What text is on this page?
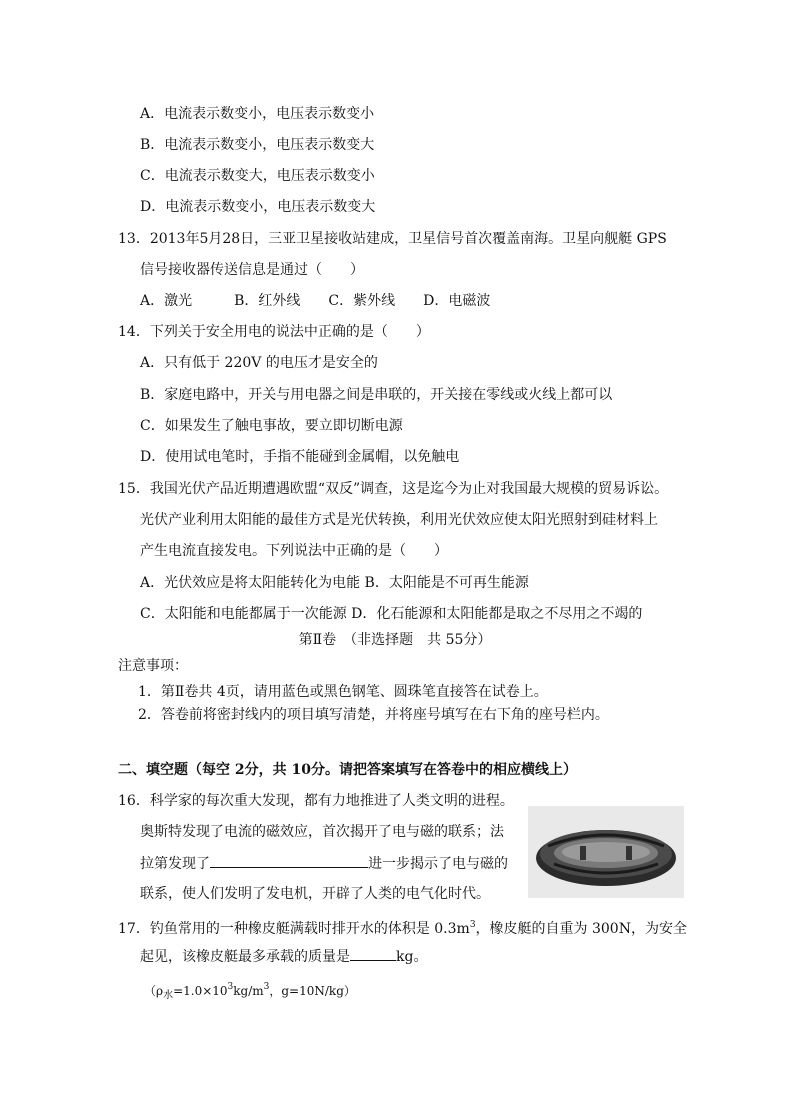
A．电流表示数变小，电压表示数变小
B．电流表示数变小，电压表示数变大
C．电流表示数变大，电压表示数变小
D．电流表示数变小，电压表示数变大
13．2013年5月28日，三亚卫星接收站建成，卫星信号首次覆盖南海。卫星向舰艇 GPS
信号接收器传送信息是通过（　　）
A．激光　　　B．红外线　　C．紫外线　　D．电磁波
14．下列关于安全用电的说法中正确的是（　　）
A．只有低于 220V 的电压才是安全的
B．家庭电路中，开关与用电器之间是串联的，开关接在零线或火线上都可以
C．如果发生了触电事故，要立即切断电源
D．使用试电笔时，手指不能碰到金属帽，以免触电
15．我国光伏产品近期遭遇欧盟“双反”调查，这是迄今为止对我国最大规模的贸易诉讼。
光伏产业利用太阳能的最佳方式是光伏转换，利用光伏效应使太阳光照射到硅材料上
产生电流直接发电。下列说法中正确的是（　　）
A．光伏效应是将太阳能转化为电能 B．太阳能是不可再生能源
C．太阳能和电能都属于一次能源 D．化石能源和太阳能都是取之不尽用之不竭的
第Ⅱ卷　（非选择题　共 55分）
注意事项：
1．第Ⅱ卷共 4页，请用蓝色或黑色钢笔、圆珠笔直接答在试卷上。
2．答卷前将密封线内的项目填写清楚，并将座号填写在右下角的座号栏内。
二、填空题（每空 2分，共 10分。请把答案填写在答卷中的相应横线上）
16．科学家的每次重大发现，都有力地推进了人类文明的进程。
奥斯特发现了电流的磁效应，首次揭开了电与磁的联系；法
拉第发现了	进一步揭示了电与磁的
联系，使人们发明了发电机，开辟了人类的电气化时代。
17．钓鱼常用的一种橡皮艇满载时排开水的体积是 $0.3m^3$，橡皮艇的自重为 300N，为安全
起见，该橡皮艇最多承载的质量是	kg。
（$\rho_水=1.0\times 10^3kg/m^3$，g=10N/kg）
